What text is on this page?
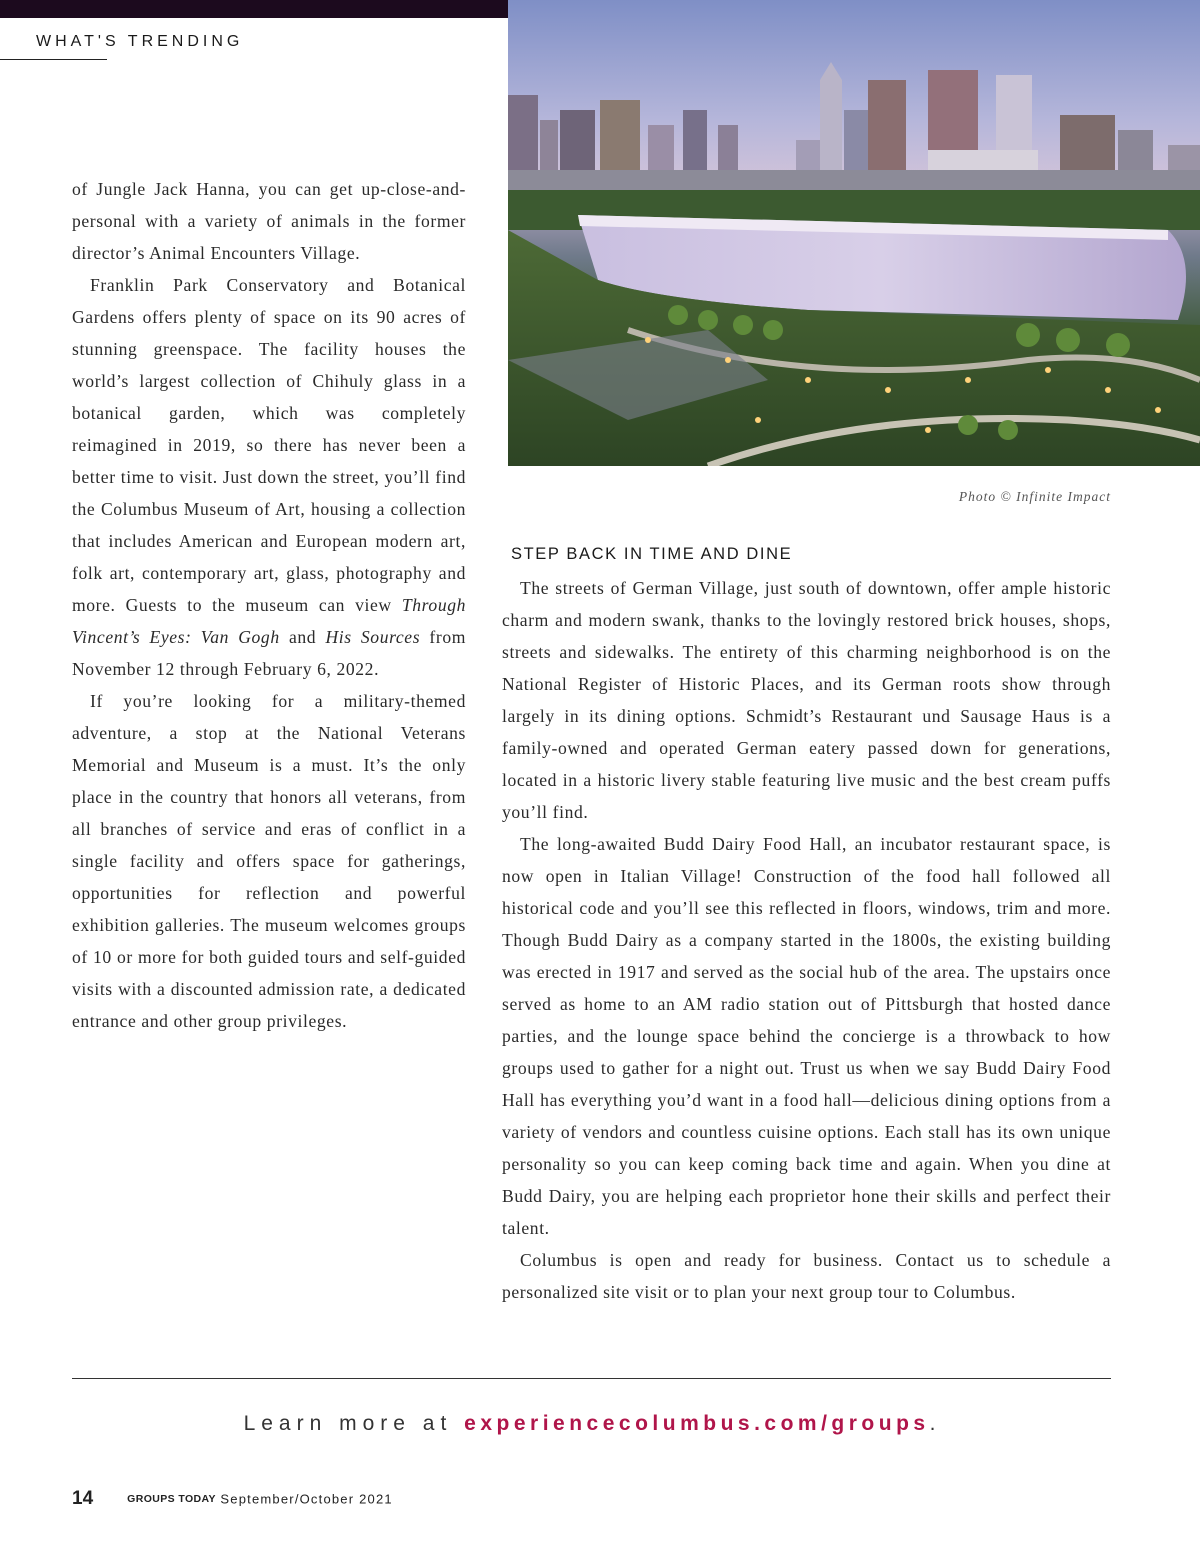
WHAT'S TRENDING
Photo © Infinite Impact

of Jungle Jack Hanna, you can get up-close-and-personal with a variety of animals in the former director’s Animal Encounters Village.

Franklin Park Conservatory and Botanical Gardens offers plenty of space on its 90 acres of stunning greenspace. The facility houses the world’s largest collection of Chihuly glass in a botanical garden, which was completely reimagined in 2019, so there has never been a better time to visit. Just down the street, you’ll find the Columbus Museum of Art, housing a collection that includes American and European modern art, folk art, contemporary art, glass, photography and more. Guests to the museum can view Through Vincent’s Eyes: Van Gogh and His Sources from November 12 through February 6, 2022.

If you’re looking for a military-themed adventure, a stop at the National Veterans Memorial and Museum is a must. It’s the only place in the country that honors all veterans, from all branches of service and eras of conflict in a single facility and offers space for gatherings, opportunities for reflection and powerful exhibition galleries. The museum welcomes groups of 10 or more for both guided tours and self-guided visits with a discounted admission rate, a dedicated entrance and other group privileges.

STEP BACK IN TIME AND DINE

The streets of German Village, just south of downtown, offer ample historic charm and modern swank, thanks to the lovingly restored brick houses, shops, streets and sidewalks. The entirety of this charming neighborhood is on the National Register of Historic Places, and its German roots show through largely in its dining options. Schmidt’s Restaurant und Sausage Haus is a family-owned and operated German eatery passed down for generations, located in a historic livery stable featuring live music and the best cream puffs you’ll find.

The long-awaited Budd Dairy Food Hall, an incubator restaurant space, is now open in Italian Village! Construction of the food hall followed all historical code and you’ll see this reflected in floors, windows, trim and more. Though Budd Dairy as a company started in the 1800s, the existing building was erected in 1917 and served as the social hub of the area. The upstairs once served as home to an AM radio station out of Pittsburgh that hosted dance parties, and the lounge space behind the concierge is a throwback to how groups used to gather for a night out. Trust us when we say Budd Dairy Food Hall has everything you’d want in a food hall—delicious dining options from a variety of vendors and countless cuisine options. Each stall has its own unique personality so you can keep coming back time and again. When you dine at Budd Dairy, you are helping each proprietor hone their skills and perfect their talent.

Columbus is open and ready for business. Contact us to schedule a personalized site visit or to plan your next group tour to Columbus.

Learn more at experiencecolumbus.com/groups.
14	GROUPS TODAY September/October 2021
